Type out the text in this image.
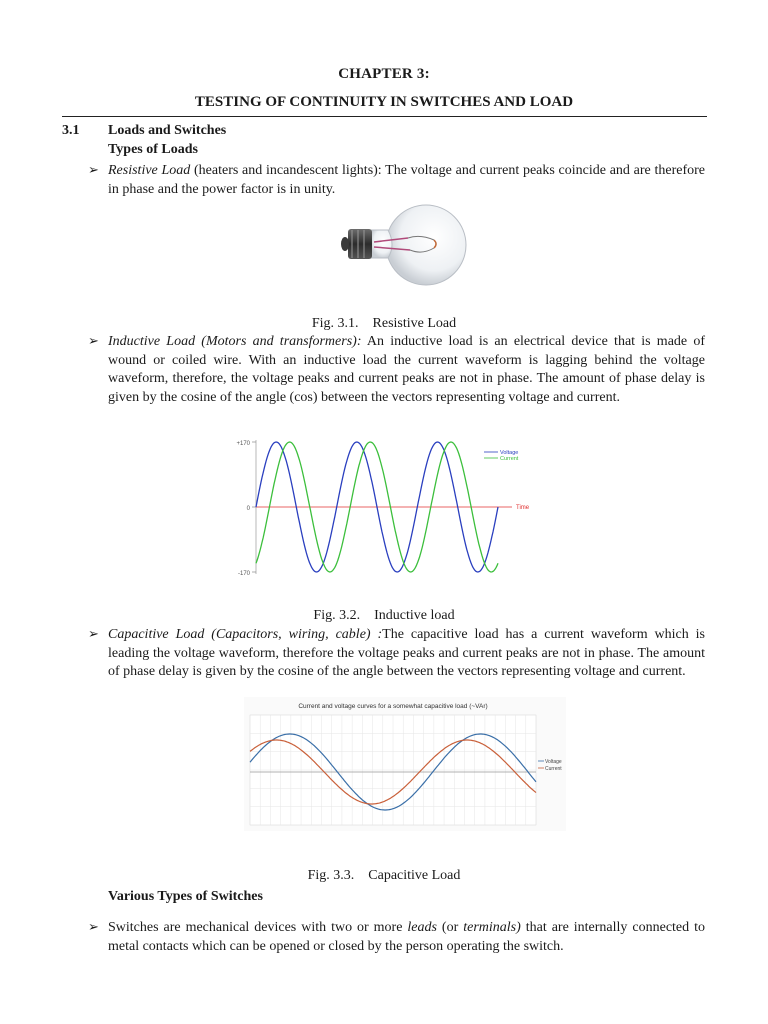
CHAPTER 3:
TESTING OF CONTINUITY IN SWITCHES AND LOAD
3.1 Loads and Switches
Types of Loads
➢ Resistive Load (heaters and incandescent lights): The voltage and current peaks coincide and are therefore in phase and the power factor is in unity.
Fig. 3.1. Resistive Load
➢ Inductive Load (Motors and transformers): An inductive load is an electrical device that is made of wound or coiled wire. With an inductive load the current waveform is lagging behind the voltage waveform, therefore, the voltage peaks and current peaks are not in phase. The amount of phase delay is given by the cosine of the angle (cos) between the vectors representing voltage and current.
+170
0
-170
Time
Voltage
Current
Fig. 3.2. Inductive load
➢ Capacitive Load (Capacitors, wiring, cable) :The capacitive load has a current waveform which is leading the voltage waveform, therefore the voltage peaks and current peaks are not in phase. The amount of phase delay is given by the cosine of the angle between the vectors representing voltage and current.
Current and voltage curves for a somewhat capacitive load (~VAr)
Voltage
Current
Fig. 3.3. Capacitive Load
Various Types of Switches
➢ Switches are mechanical devices with two or more leads (or terminals) that are internally connected to metal contacts which can be opened or closed by the person operating the switch.
